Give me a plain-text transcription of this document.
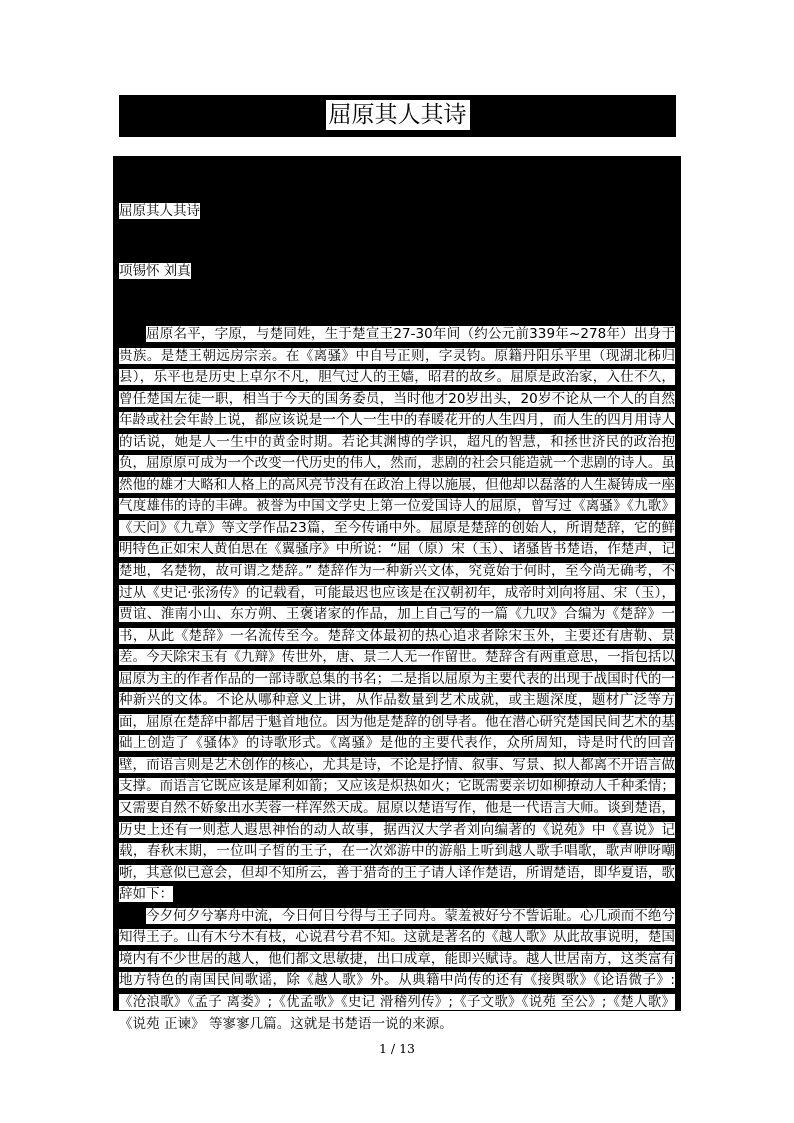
屈原其人其诗
屈原其人其诗
项锡怀 刘真

屈原名平，字原，与楚同姓，生于楚宣王27-30年间（约公元前339年~278年）出身于贵族。是楚王朝远房宗亲。在《离骚》中自号正则，字灵钧。原籍丹阳乐平里（现湖北秭归县），乐平也是历史上卓尔不凡，胆气过人的王嫱，昭君的故乡。屈原是政治家，入仕不久，曾任楚国左徒一职，相当于今天的国务委员，当时他才20岁出头，20岁不论从一个人的自然年龄或社会年龄上说，都应该说是一个人一生中的春暖花开的人生四月，而人生的四月用诗人的话说，她是人一生中的黄金时期。若论其渊博的学识，超凡的智慧，和拯世济民的政治抱负，屈原原可成为一个改变一代历史的伟人，然而，悲剧的社会只能造就一个悲剧的诗人。虽然他的雄才大略和人格上的高风亮节没有在政治上得以施展，但他却以磊落的人生凝铸成一座气度雄伟的诗的丰碑。被誉为中国文学史上第一位爱国诗人的屈原，曾写过《离骚》《九歌》《天问》《九章》等文学作品23篇，至今传诵中外。屈原是楚辞的创始人，所谓楚辞，它的鲜明特色正如宋人黄伯思在《翼骚序》中所说：“屈（原）宋（玉）、诸骚皆书楚语，作楚声，记楚地，名楚物，故可谓之楚辞。” 楚辞作为一种新兴文体，究竟始于何时，至今尚无确考，不过从《史记·张汤传》的记载看，可能最迟也应该是在汉朝初年，成帝时刘向将屈、宋（玉），贾谊、淮南小山、东方朔、王褒诸家的作品，加上自己写的一篇《九叹》合编为《楚辞》一书，从此《楚辞》一名流传至今。楚辞文体最初的热心追求者除宋玉外，主要还有唐勒、景差。今天除宋玉有《九辩》传世外，唐、景二人无一作留世。楚辞含有两重意思，一指包括以屈原为主的作者作品的一部诗歌总集的书名；二是指以屈原为主要代表的出现于战国时代的一种新兴的文体。不论从哪种意义上讲，从作品数量到艺术成就，或主题深度，题材广泛等方面，屈原在楚辞中都居于魁首地位。因为他是楚辞的创导者。他在潜心研究楚国民间艺术的基础上创造了《骚体》的诗歌形式。《离骚》是他的主要代表作，众所周知，诗是时代的回音壁，而语言则是艺术创作的核心，尤其是诗，不论是抒情、叙事、写景、拟人都离不开语言做支撑。而语言它既应该是犀利如箭；又应该是炽热如火；它既需要亲切如柳撩动人千种柔情；又需要自然不娇象出水芙蓉一样浑然天成。屈原以楚语写作，他是一代语言大师。谈到楚语，历史上还有一则惹人遐思神怡的动人故事，据西汉大学者刘向编著的《说苑》中《喜说》记载，春秋末期，一位叫子皙的王子，在一次郊游中的游船上听到越人歌手唱歌，歌声咿呀嘲哳，其意似已意会，但却不知所云，善于猎奇的王子请人译作楚语，所谓楚语，即华夏语，歌辞如下：

今夕何夕兮搴舟中流，今日何日兮得与王子同舟。蒙羞被好兮不訾诟耻。心几顽而不绝兮知得王子。山有木兮木有枝，心说君兮君不知。这就是著名的《越人歌》从此故事说明，楚国境内有不少世居的越人，他们都文思敏捷，出口成章，能即兴赋诗。越人世居南方，这类富有地方特色的南国民间歌谣，除《越人歌》外。从典籍中尚传的还有《接舆歌》《论语微子》:《沧浪歌》《孟子 离娄》;《优孟歌》《史记 滑稽列传》;《子文歌》《说苑 至公》;《楚人歌》《说苑 正谏》 等寥寥几篇。这就是书楚语一说的来源。

1 / 13
